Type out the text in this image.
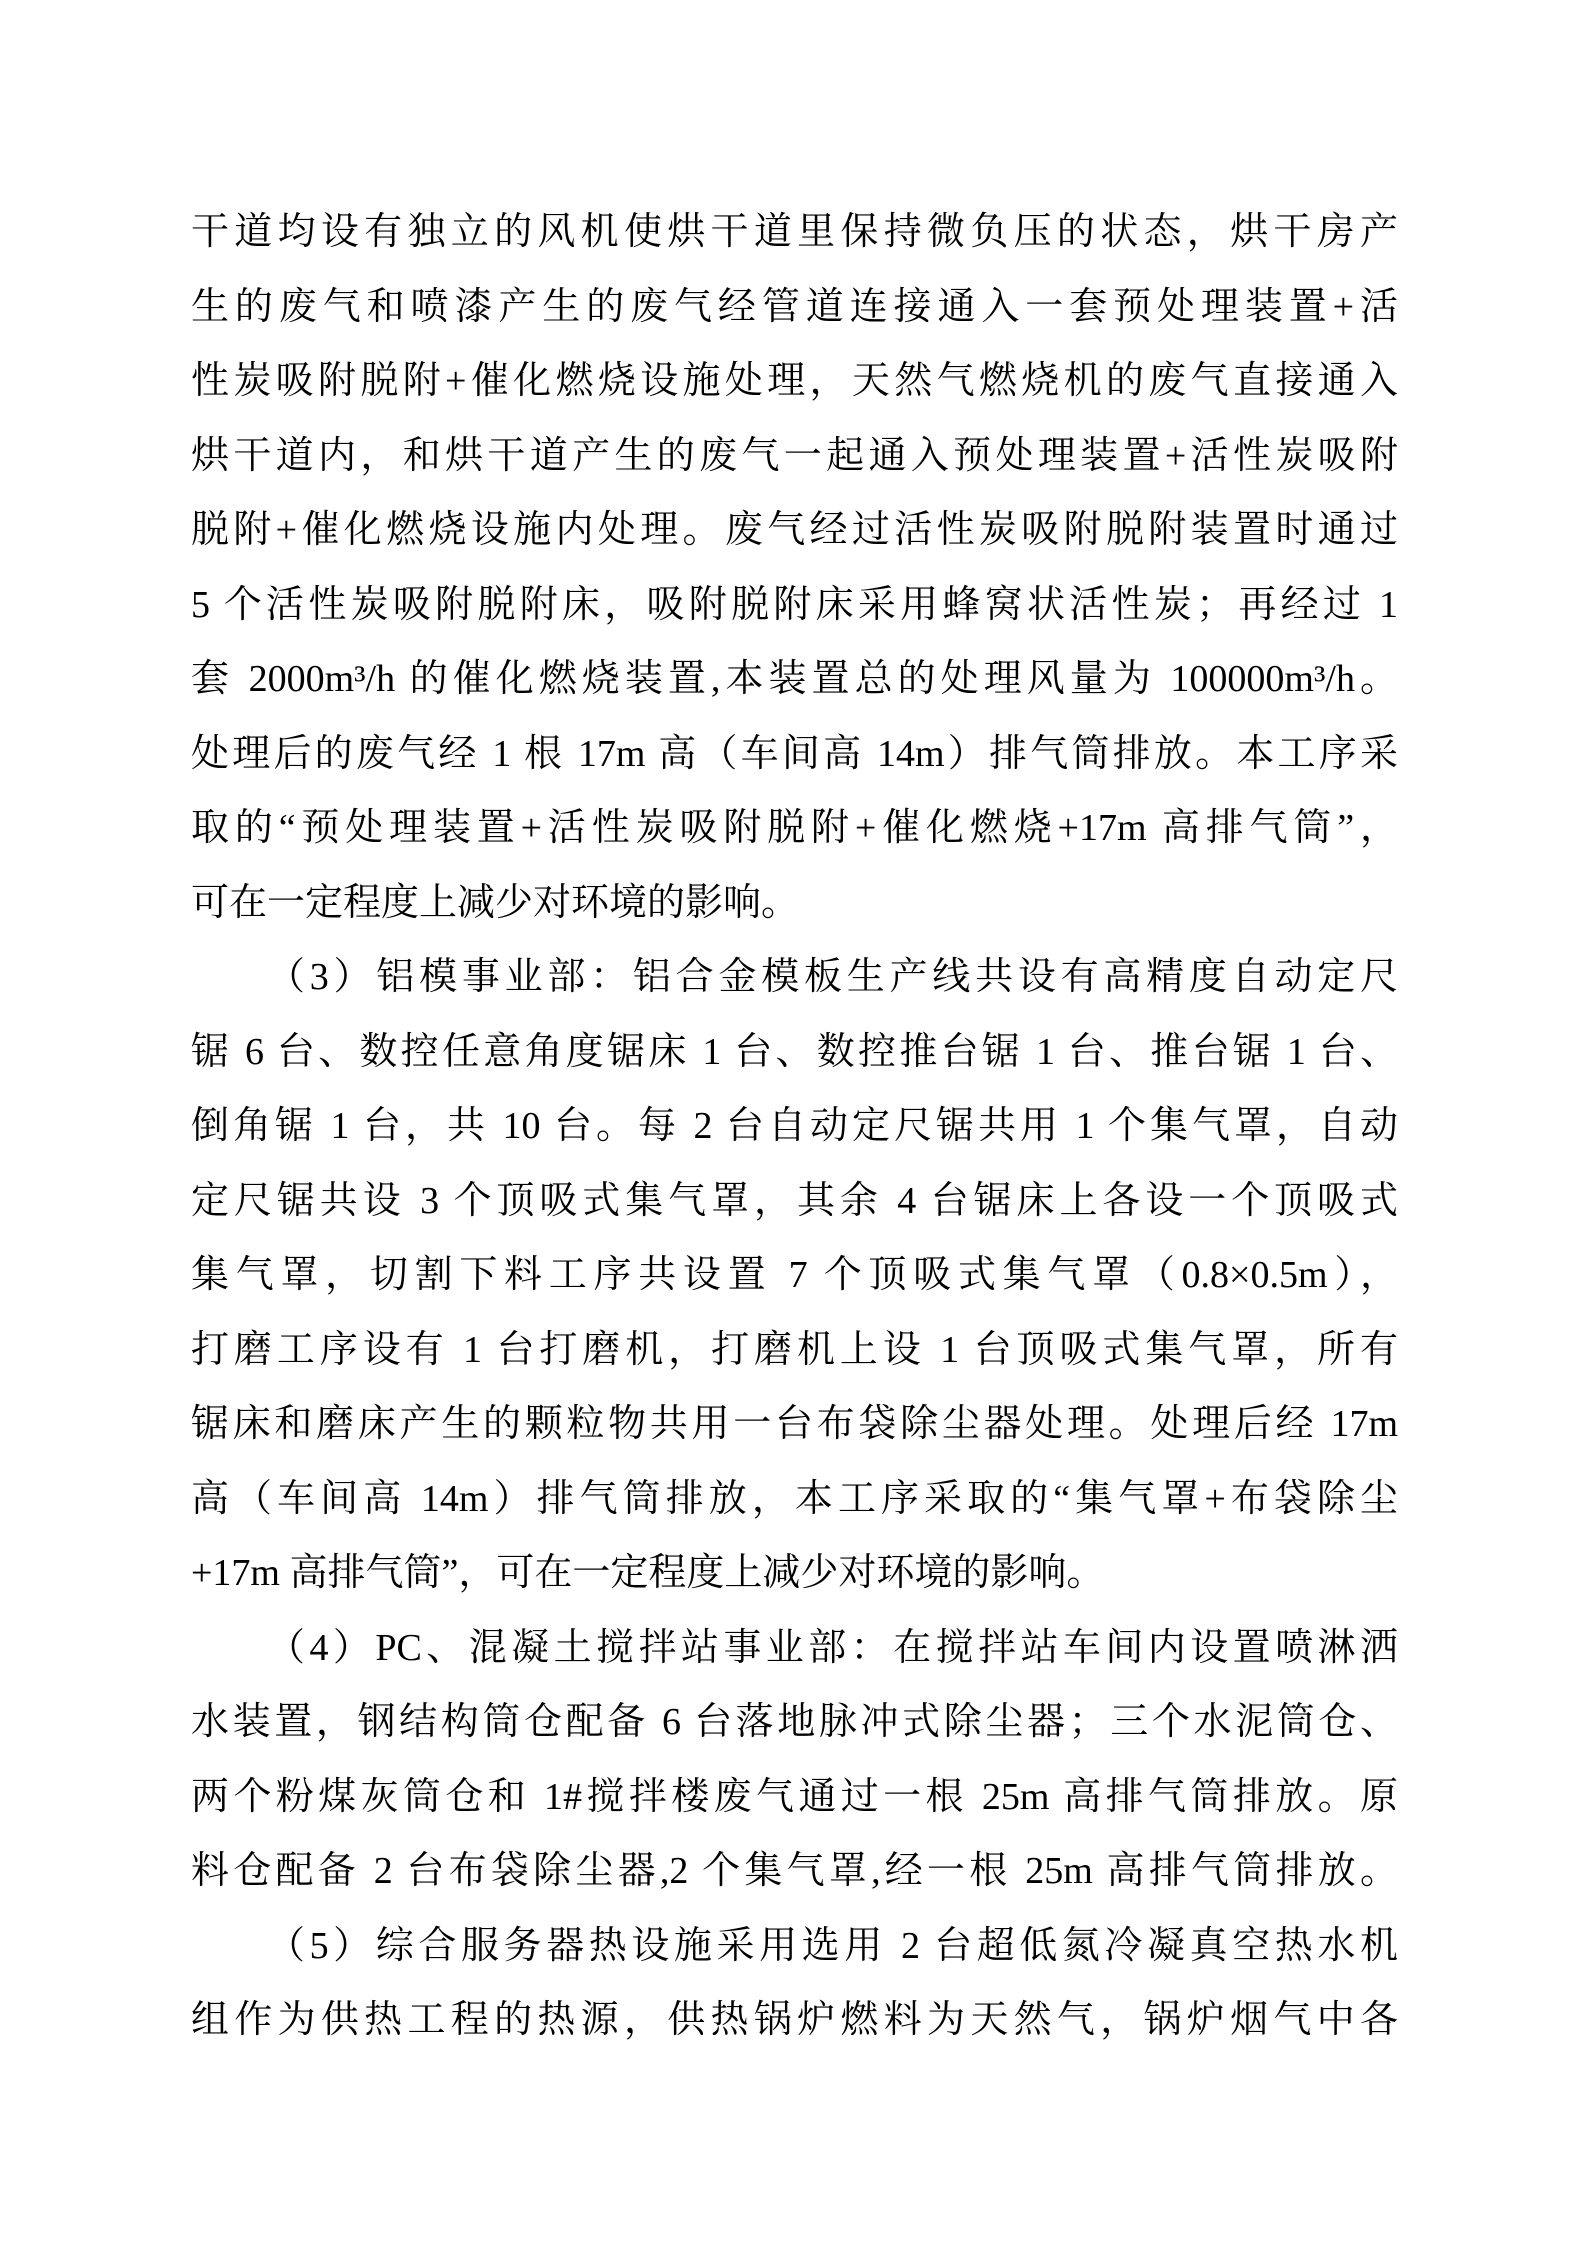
干道均设有独立的风机使烘干道里保持微负压的状态，烘干房产
生的废气和喷漆产生的废气经管道连接通入一套预处理装置+活
性炭吸附脱附+催化燃烧设施处理，天然气燃烧机的废气直接通入
烘干道内，和烘干道产生的废气一起通入预处理装置+活性炭吸附
脱附+催化燃烧设施内处理。废气经过活性炭吸附脱附装置时通过
5 个活性炭吸附脱附床，吸附脱附床采用蜂窝状活性炭；再经过 1
套 2000m³/h 的催化燃烧装置,本装置总的处理风量为 100000m³/h。
处理后的废气经 1 根 17m 高（车间高 14m）排气筒排放。本工序采
取的“预处理装置+活性炭吸附脱附+催化燃烧+17m 高排气筒”，
可在一定程度上减少对环境的影响。
（3）铝模事业部：铝合金模板生产线共设有高精度自动定尺
锯 6 台、数控任意角度锯床 1 台、数控推台锯 1 台、推台锯 1 台、
倒角锯 1 台，共 10 台。每 2 台自动定尺锯共用 1 个集气罩，自动
定尺锯共设 3 个顶吸式集气罩，其余 4 台锯床上各设一个顶吸式
集气罩，切割下料工序共设置 7 个顶吸式集气罩（0.8×0.5m），
打磨工序设有 1 台打磨机，打磨机上设 1 台顶吸式集气罩，所有
锯床和磨床产生的颗粒物共用一台布袋除尘器处理。处理后经 17m
高（车间高 14m）排气筒排放，本工序采取的“集气罩+布袋除尘
+17m 高排气筒”，可在一定程度上减少对环境的影响。
（4）PC、混凝土搅拌站事业部：在搅拌站车间内设置喷淋洒
水装置，钢结构筒仓配备 6 台落地脉冲式除尘器；三个水泥筒仓、
两个粉煤灰筒仓和 1#搅拌楼废气通过一根 25m 高排气筒排放。原
料仓配备 2 台布袋除尘器,2 个集气罩,经一根 25m 高排气筒排放。
（5）综合服务器热设施采用选用 2 台超低氮冷凝真空热水机
组作为供热工程的热源，供热锅炉燃料为天然气，锅炉烟气中各
